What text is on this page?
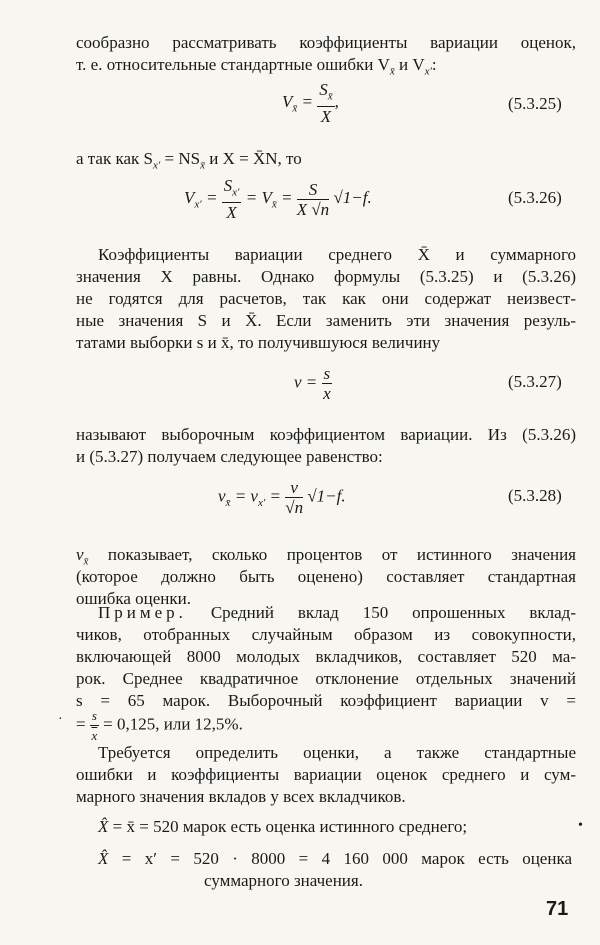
сообразно рассматривать коэффициенты вариации оценок,
т. е. относительные стандартные ошибки $V_{x̄}$ и $V_{x'}$:
$V_{x̄} = \frac{S_{x̄}}{X}$ ,	(5.3.25)
а так как $S_{x'} = NS_{x̄}$ и X = X̄N, то
$V_{x'} = \frac{S_{x'}}{X} = V_{x̄} = \frac{S}{X √n} √1-f$.	(5.3.26)
Коэффициенты вариации среднего X̄ и суммарного
значения X равны. Однако формулы (5.3.25) и (5.3.26)
не годятся для расчетов, так как они содержат неизвест-
ные значения S и X̄. Если заменить эти значения резуль-
татами выборки s и x̄, то получившуюся величину
$v = \frac{s}{x}$	(5.3.27)
называют выборочным коэффициентом вариации. Из (5.3.26)
и (5.3.27) получаем следующее равенство:
$v_{x̄} = v_{x'} = \frac{v}{√n} √1-f$.	(5.3.28)
$v_{x̄}$ показывает, сколько процентов от истинного значения
(которое должно быть оценено) составляет стандартная
ошибка оценки.
Пример. Средний вклад 150 опрошенных вклад-
чиков, отобранных случайным образом из совокупности,
включающей 8000 молодых вкладчиков, составляет 520 ма-
рок. Среднее квадратичное отклонение отдельных значений
s = 65 марок. Выборочный коэффициент вариации v =
= $\frac{s}{x} = 0,125$, или 12,5%.
·
Требуется определить оценки, а также стандартные
ошибки и коэффициенты вариации оценок среднего и сум-
марного значения вкладов у всех вкладчиков.
X̂ = x̄ = 520 марок есть оценка истинного среднего;	•
X̂ = x′ = 520 · 8000 = 4 160 000 марок есть оценка
суммарного значения.
71
